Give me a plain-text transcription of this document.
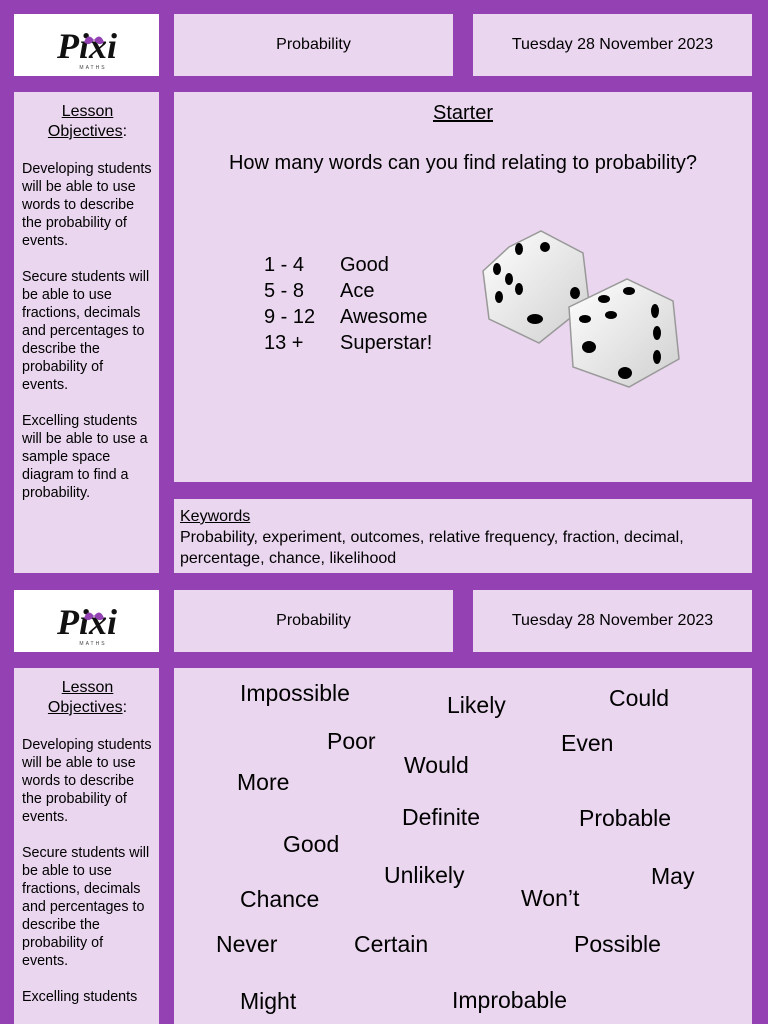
Pixi
MATHS
Probability	Tuesday 28 November 2023
Lesson
Objectives:

Developing students will be able to use words to describe the probability of events.

Secure students will be able to use fractions, decimals and percentages to describe the probability of events.

Excelling students will be able to use a sample space diagram to find a probability.

Starter
How many words can you find relating to probability?
1 - 4	Good
5 - 8	Ace
9 - 12	Awesome
13 +	Superstar!
Keywords
Probability, experiment, outcomes, relative frequency, fraction, decimal, percentage, chance, likelihood
Pixi
MATHS
Probability	Tuesday 28 November 2023
Lesson
Objectives:

Developing students will be able to use words to describe the probability of events.

Secure students will be able to use fractions, decimals and percentages to describe the probability of events.

Excelling students

Impossible	Likely	Could
Poor	Even
Would
More
Definite	Probable
Good
Unlikely	May
Chance	Won’t
Never	Certain	Possible
Might	Improbable
